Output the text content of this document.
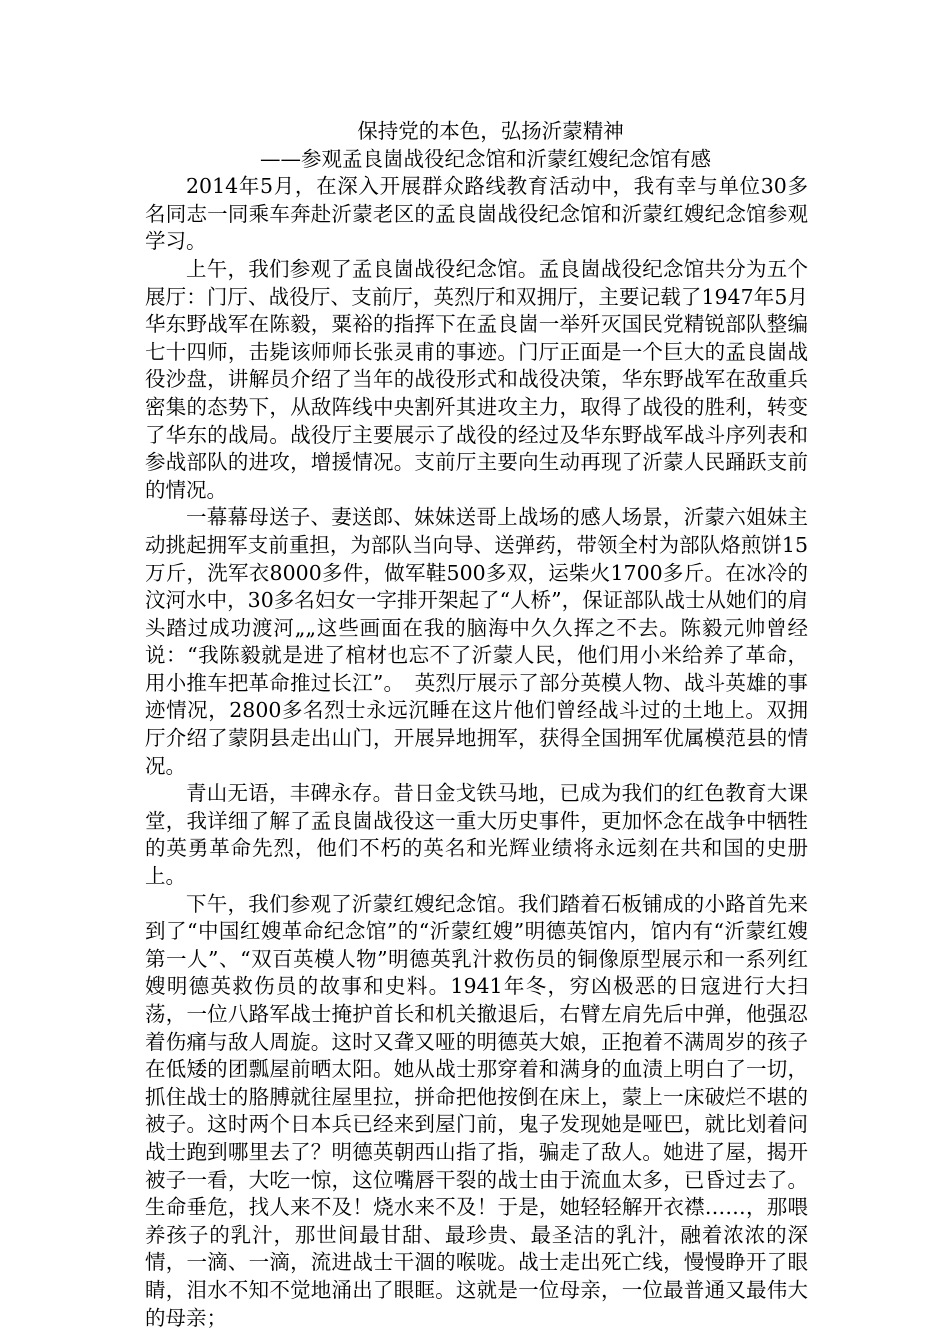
保持党的本色，弘扬沂蒙精神

——参观孟良崮战役纪念馆和沂蒙红嫂纪念馆有感

2014年5月，在深入开展群众路线教育活动中，我有幸与单位30多名同志一同乘车奔赴沂蒙老区的孟良崮战役纪念馆和沂蒙红嫂纪念馆参观学习。

上午，我们参观了孟良崮战役纪念馆。孟良崮战役纪念馆共分为五个展厅：门厅、战役厅、支前厅，英烈厅和双拥厅，主要记载了1947年5月华东野战军在陈毅，粟裕的指挥下在孟良崮一举歼灭国民党精锐部队整编七十四师，击毙该师师长张灵甫的事迹。门厅正面是一个巨大的孟良崮战役沙盘，讲解员介绍了当年的战役形式和战役决策，华东野战军在敌重兵密集的态势下，从敌阵线中央割歼其进攻主力，取得了战役的胜利，转变了华东的战局。战役厅主要展示了战役的经过及华东野战军战斗序列表和参战部队的进攻，增援情况。支前厅主要向生动再现了沂蒙人民踊跃支前的情况。

一幕幕母送子、妻送郎、妹妹送哥上战场的感人场景，沂蒙六姐妹主动挑起拥军支前重担，为部队当向导、送弹药，带领全村为部队烙煎饼15万斤，洗军衣8000多件，做军鞋500多双，运柴火1700多斤。在冰冷的汶河水中，30多名妇女一字排开架起了“人桥”，保证部队战士从她们的肩头踏过成功渡河„„这些画面在我的脑海中久久挥之不去。陈毅元帅曾经说：“我陈毅就是进了棺材也忘不了沂蒙人民，他们用小米给养了革命，用小推车把革命推过长江”。　英烈厅展示了部分英模人物、战斗英雄的事迹情况，2800多名烈士永远沉睡在这片他们曾经战斗过的土地上。双拥厅介绍了蒙阴县走出山门，开展异地拥军，获得全国拥军优属模范县的情况。

青山无语，丰碑永存。昔日金戈铁马地，已成为我们的红色教育大课堂，我详细了解了孟良崮战役这一重大历史事件，更加怀念在战争中牺牲的英勇革命先烈，他们不朽的英名和光辉业绩将永远刻在共和国的史册上。

下午，我们参观了沂蒙红嫂纪念馆。我们踏着石板铺成的小路首先来到了“中国红嫂革命纪念馆”的“沂蒙红嫂”明德英馆内，馆内有“沂蒙红嫂第一人”、“双百英模人物”明德英乳汁救伤员的铜像原型展示和一系列红嫂明德英救伤员的故事和史料。1941年冬，穷凶极恶的日寇进行大扫荡，一位八路军战士掩护首长和机关撤退后，右臂左肩先后中弹，他强忍着伤痛与敌人周旋。这时又聋又哑的明德英大娘，正抱着不满周岁的孩子在低矮的团瓢屋前晒太阳。她从战士那穿着和满身的血渍上明白了一切，抓住战士的胳膊就往屋里拉，拼命把他按倒在床上，蒙上一床破烂不堪的被子。这时两个日本兵已经来到屋门前，鬼子发现她是哑巴，就比划着问战士跑到哪里去了？明德英朝西山指了指，骗走了敌人。她进了屋，揭开被子一看，大吃一惊，这位嘴唇干裂的战士由于流血太多，已昏过去了。生命垂危，找人来不及！烧水来不及！于是，她轻轻解开衣襟……，那喂养孩子的乳汁，那世间最甘甜、最珍贵、最圣洁的乳汁，融着浓浓的深情，一滴、一滴，流进战士干涸的喉咙。战士走出死亡线，慢慢睁开了眼睛，泪水不知不觉地涌出了眼眶。这就是一位母亲，一位最普通又最伟大的母亲；
